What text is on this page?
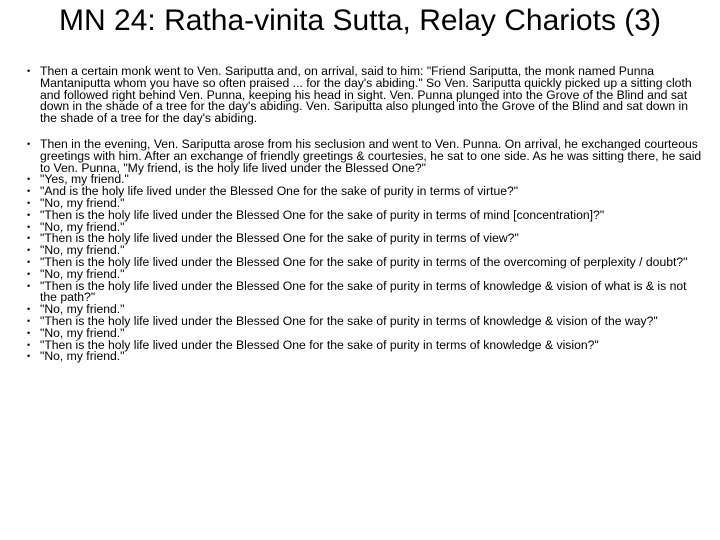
MN 24: Ratha-vinita Sutta, Relay Chariots (3)
• Then a certain monk went to Ven. Sariputta and, on arrival, said to him: "Friend Sariputta, the monk named Punna Mantaniputta whom you have so often praised ... for the day's abiding." So Ven. Sariputta quickly picked up a sitting cloth and followed right behind Ven. Punna, keeping his head in sight. Ven. Punna plunged into the Grove of the Blind and sat down in the shade of a tree for the day's abiding. Ven. Sariputta also plunged into the Grove of the Blind and sat down in the shade of a tree for the day's abiding.
• Then in the evening, Ven. Sariputta arose from his seclusion and went to Ven. Punna. On arrival, he exchanged courteous greetings with him. After an exchange of friendly greetings & courtesies, he sat to one side. As he was sitting there, he said to Ven. Punna, "My friend, is the holy life lived under the Blessed One?"
• "Yes, my friend."
• "And is the holy life lived under the Blessed One for the sake of purity in terms of virtue?"
• "No, my friend."
• "Then is the holy life lived under the Blessed One for the sake of purity in terms of mind [concentration]?"
• "No, my friend."
• "Then is the holy life lived under the Blessed One for the sake of purity in terms of view?"
• "No, my friend."
• "Then is the holy life lived under the Blessed One for the sake of purity in terms of the overcoming of perplexity / doubt?"
• "No, my friend."
• "Then is the holy life lived under the Blessed One for the sake of purity in terms of knowledge & vision of what is & is not the path?"
• "No, my friend."
• "Then is the holy life lived under the Blessed One for the sake of purity in terms of knowledge & vision of the way?"
• "No, my friend."
• "Then is the holy life lived under the Blessed One for the sake of purity in terms of knowledge & vision?"
• "No, my friend."
